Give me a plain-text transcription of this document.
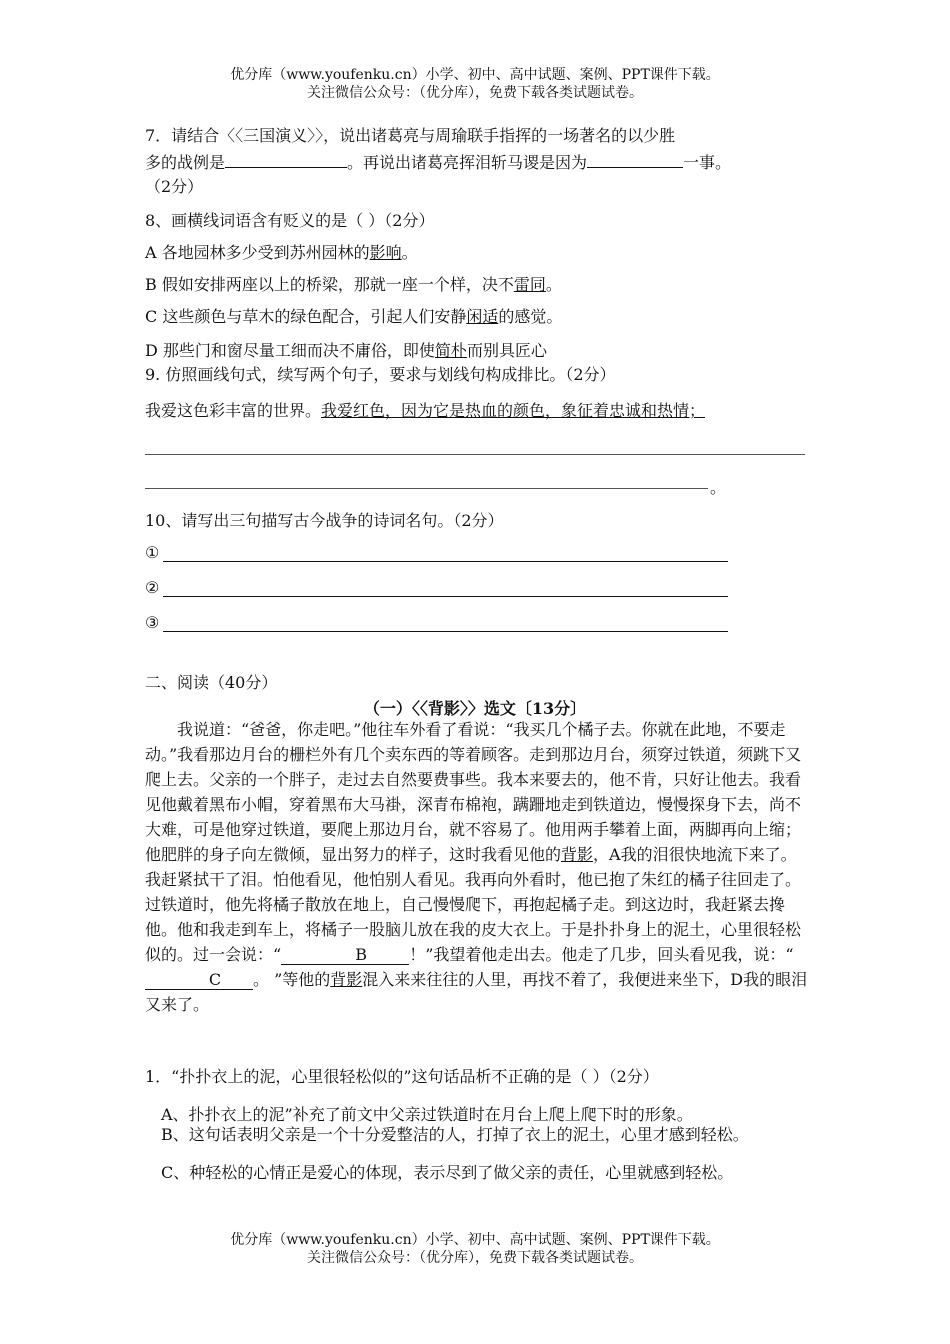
优分库（www.youfenku.cn）小学、初中、高中试题、案例、PPT课件下载。
关注微信公众号：（优分库），免费下载各类试题试卷。
7．请结合〈〈三国演义〉〉，说出诸葛亮与周瑜联手指挥的一场著名的以少胜
多的战例是	。再说出诸葛亮挥泪斩马谡是因为	一事。
（2分）
8、画横线词语含有贬义的是（ ）（2分）
A 各地园林多少受到苏州园林的影响。
B 假如安排两座以上的桥梁，那就一座一个样，决不雷同。
C 这些颜色与草木的绿色配合，引起人们安静闲适的感觉。
D 那些门和窗尽量工细而决不庸俗，即使简朴而别具匠心
9. 仿照画线句式，续写两个句子，要求与划线句构成排比。（2分）
我爱这色彩丰富的世界。我爱红色，因为它是热血的颜色，象征着忠诚和热情；
。
10、请写出三句描写古今战争的诗词名句。（2分）
①
②
③
二、阅读（40分）
（一）〈〈背影〉〉选文〔13分〕
我说道：“爸爸，你走吧。”他往车外看了看说：“我买几个橘子去。你就在此地，不要走动。”我看那边月台的栅栏外有几个卖东西的等着顾客。走到那边月台，须穿过铁道，须跳下又爬上去。父亲的一个胖子，走过去自然要费事些。我本来要去的，他不肯，只好让他去。我看见他戴着黑布小帽，穿着黑布大马褂，深青布棉袍，蹒跚地走到铁道边，慢慢探身下去，尚不大难，可是他穿过铁道，要爬上那边月台，就不容易了。他用两手攀着上面，两脚再向上缩；他肥胖的身子向左微倾，显出努力的样子，这时我看见他的背影，A我的泪很快地流下来了。我赶紧拭干了泪。怕他看见，他怕别人看见。我再向外看时，他已抱了朱红的橘子往回走了。过铁道时，他先将橘子散放在地上，自己慢慢爬下，再抱起橘子走。到这边时，我赶紧去搀他。他和我走到车上，将橘子一股脑儿放在我的皮大衣上。于是扑扑身上的泥土，心里很轻松似的。过一会说：“	B	！”我望着他走出去。他走了几步，回头看见我，说：“C 。 ”等他的背影混入来来往往的人里，再找不着了，我便进来坐下，D我的眼泪又来了。
1．“扑扑衣上的泥，心里很轻松似的”这句话品析不正确的是（ ）（2分）
A、扑扑衣上的泥”补充了前文中父亲过铁道时在月台上爬上爬下时的形象。
B、这句话表明父亲是一个十分爱整洁的人，打掉了衣上的泥土，心里才感到轻松。
C、种轻松的心情正是爱心的体现，表示尽到了做父亲的责任，心里就感到轻松。
优分库（www.youfenku.cn）小学、初中、高中试题、案例、PPT课件下载。
关注微信公众号：（优分库），免费下载各类试题试卷。
